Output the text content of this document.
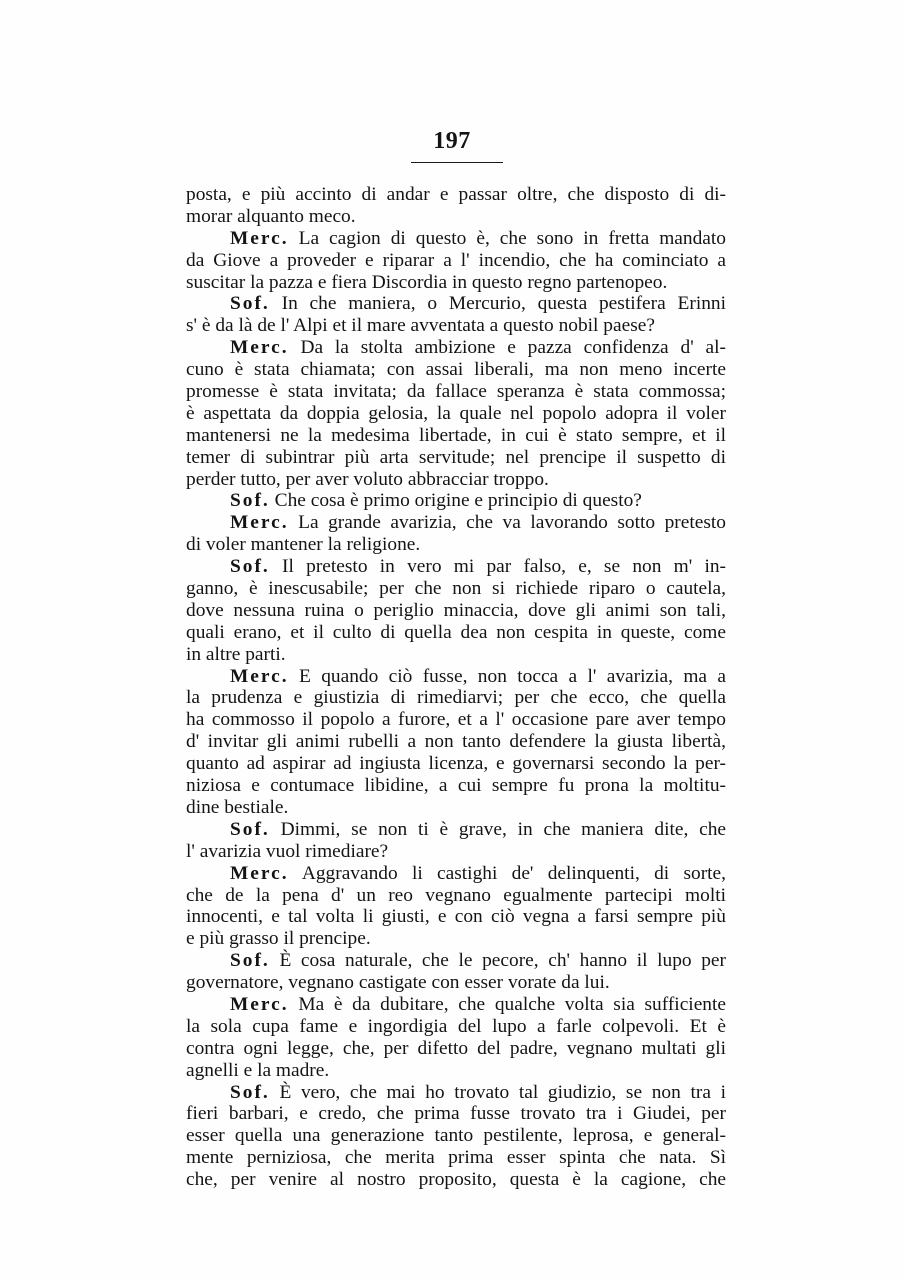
197
posta, e più accinto di andar e passar oltre, che disposto di di-
morar alquanto meco.
Merc. La cagion di questo è, che sono in fretta mandato
da Giove a proveder e riparar a l' incendio, che ha cominciato a
suscitar la pazza e fiera Discordia in questo regno partenopeo.
Sof. In che maniera, o Mercurio, questa pestifera Erinni
s' è da là de l' Alpi et il mare avventata a questo nobil paese?
Merc. Da la stolta ambizione e pazza confidenza d' al-
cuno è stata chiamata; con assai liberali, ma non meno incerte
promesse è stata invitata; da fallace speranza è stata commossa;
è aspettata da doppia gelosia, la quale nel popolo adopra il voler
mantenersi ne la medesima libertade, in cui è stato sempre, et il
temer di subintrar più arta servitude; nel prencipe il suspetto di
perder tutto, per aver voluto abbracciar troppo.
Sof. Che cosa è primo origine e principio di questo?
Merc. La grande avarizia, che va lavorando sotto pretesto
di voler mantener la religione.
Sof. Il pretesto in vero mi par falso, e, se non m' in-
ganno, è inescusabile; per che non si richiede riparo o cautela,
dove nessuna ruina o periglio minaccia, dove gli animi son tali,
quali erano, et il culto di quella dea non cespita in queste, come
in altre parti.
Merc. E quando ciò fusse, non tocca a l' avarizia, ma a
la prudenza e giustizia di rimediarvi; per che ecco, che quella
ha commosso il popolo a furore, et a l' occasione pare aver tempo
d' invitar gli animi rubelli a non tanto defendere la giusta libertà,
quanto ad aspirar ad ingiusta licenza, e governarsi secondo la per-
niziosa e contumace libidine, a cui sempre fu prona la moltitu-
dine bestiale.
Sof. Dimmi, se non ti è grave, in che maniera dite, che
l' avarizia vuol rimediare?
Merc. Aggravando li castighi de' delinquenti, di sorte,
che de la pena d' un reo vegnano egualmente partecipi molti
innocenti, e tal volta li giusti, e con ciò vegna a farsi sempre più
e più grasso il prencipe.
Sof. È cosa naturale, che le pecore, ch' hanno il lupo per
governatore, vegnano castigate con esser vorate da lui.
Merc. Ma è da dubitare, che qualche volta sia sufficiente
la sola cupa fame e ingordigia del lupo a farle colpevoli. Et è
contra ogni legge, che, per difetto del padre, vegnano multati gli
agnelli e la madre.
Sof. È vero, che mai ho trovato tal giudizio, se non tra i
fieri barbari, e credo, che prima fusse trovato tra i Giudei, per
esser quella una generazione tanto pestilente, leprosa, e general-
mente perniziosa, che merita prima esser spinta che nata. Sì
che, per venire al nostro proposito, questa è la cagione, che
